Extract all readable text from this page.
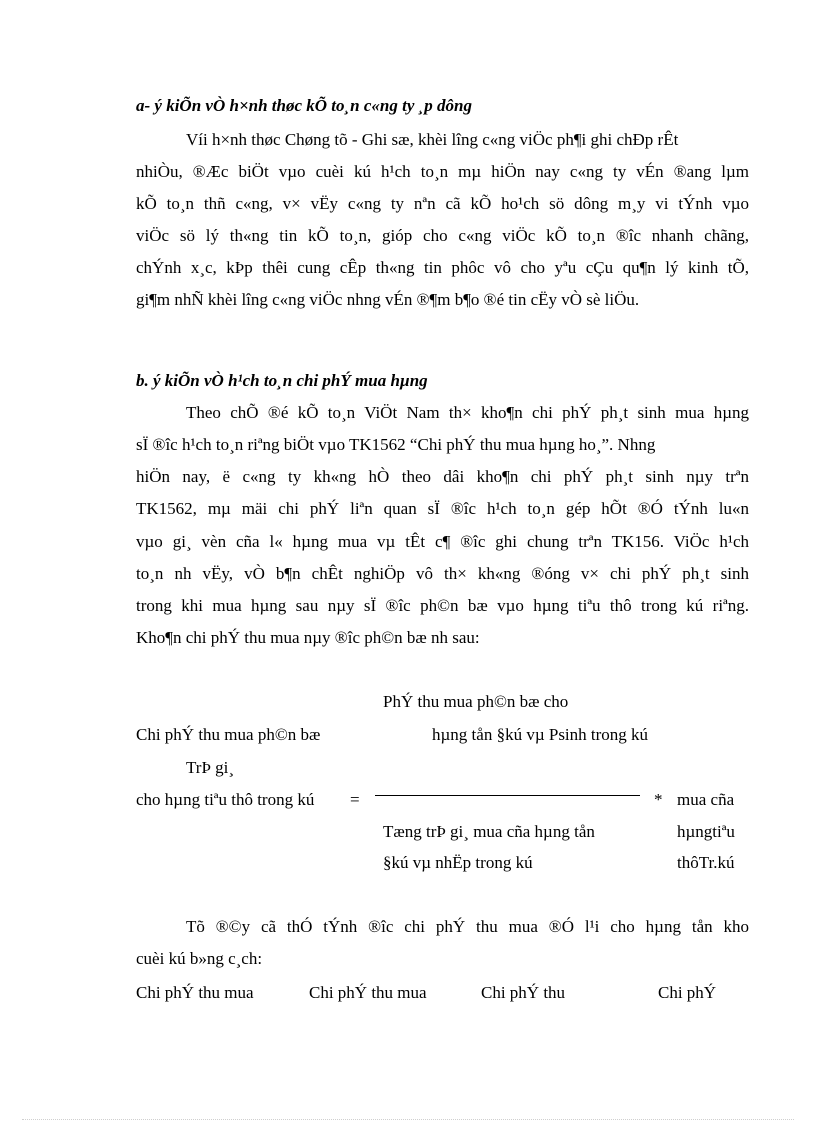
a- ý kiÕn vÒ h×nh thøc kÕ to¸n c«ng ty ¸p dông
Víi h×nh thøc Chøng tõ - Ghi sæ, khèi lîng c«ng viÖc ph¶i ghi chÐp rÊt
nhiÒu, ®Æc biÖt vµo cuèi kú h¹ch to¸n mµ hiÖn nay c«ng ty vÉn ®ang lµm
kÕ to¸n thñ c«ng, v× vËy c«ng ty nªn cã kÕ ho¹ch sö dông m¸y vi tÝnh vµo
viÖc sö lý th«ng tin kÕ to¸n, gióp cho c«ng viÖc kÕ to¸n ®îc nhanh chãng,
chÝnh x¸c, kÞp thêi cung cÊp th«ng tin phôc vô cho yªu cÇu qu¶n lý kinh tÕ,
gi¶m nhÑ khèi lîng c«ng viÖc nhng vÉn ®¶m b¶o ®é tin cËy vÒ sè liÖu.
b. ý kiÕn vÒ h¹ch to¸n chi phÝ mua hµng
Theo chÕ ®é kÕ to¸n ViÖt Nam th× kho¶n chi phÝ ph¸t sinh mua hµng
sÏ ®îc h¹ch to¸n riªng biÖt vµo TK1562 “Chi phÝ thu mua hµng ho¸”. Nhng
hiÖn nay, ë c«ng ty kh«ng hÒ theo dâi kho¶n chi phÝ ph¸t sinh nµy trªn
TK1562, mµ mäi chi phÝ liªn quan sÏ ®îc h¹ch to¸n gép hÕt ®Ó tÝnh lu«n
vµo gi¸ vèn cña l« hµng mua vµ tÊt c¶ ®îc ghi chung trªn TK156. ViÖc h¹ch
to¸n nh vËy, vÒ b¶n chÊt nghiÖp vô th× kh«ng ®óng v× chi phÝ ph¸t sinh
trong khi mua hµng sau nµy sÏ ®îc ph©n bæ vµo hµng tiªu thô trong kú riªng.
Kho¶n chi phÝ thu mua nµy ®îc ph©n bæ nh sau:
PhÝ thu mua ph©n bæ cho
Chi phÝ thu mua ph©n bæ	hµng tån §kú vµ Psinh trong kú
TrÞ gi¸
cho hµng tiªu thô trong kú =	* mua cña
Tæng trÞ gi¸ mua cña hµng tån	hµngtiªu
§kú vµ nhËp trong kú	thôTr.kú
Tõ ®©y cã thÓ tÝnh ®îc chi phÝ thu mua ®Ó l¹i cho hµng tån kho
cuèi kú b»ng c¸ch:
Chi phÝ thu mua	Chi phÝ thu mua	Chi phÝ thu	Chi phÝ
